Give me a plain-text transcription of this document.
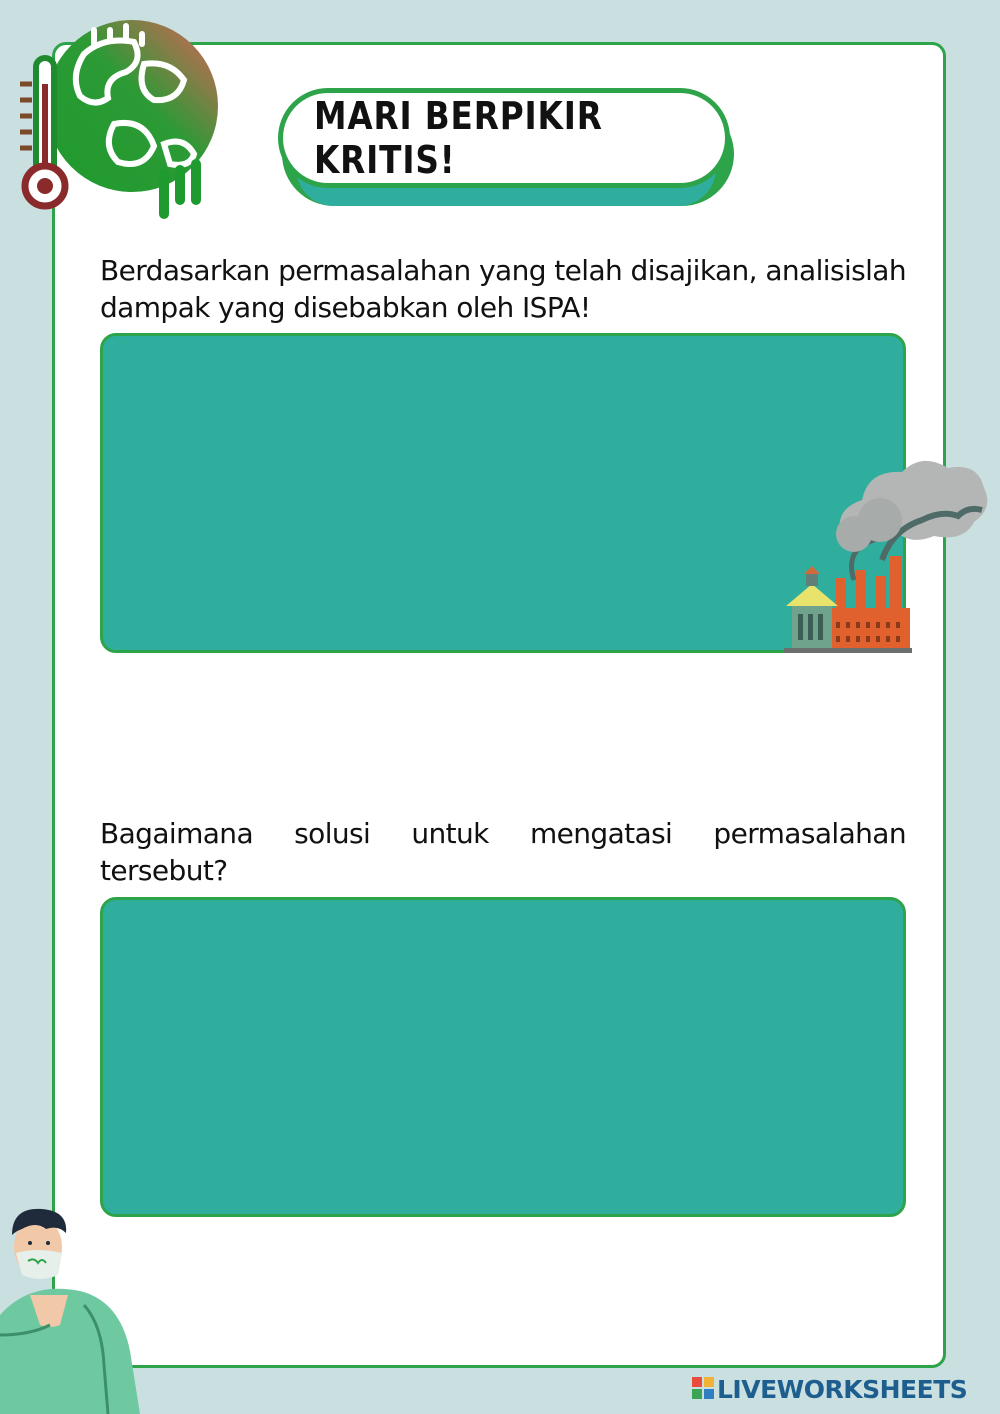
MARI BERPIKIR KRITIS!
Berdasarkan permasalahan yang telah disajikan, analisislah dampak yang disebabkan oleh ISPA!
Bagaimana solusi untuk mengatasi permasalahan tersebut?
LIVEWORKSHEETS
